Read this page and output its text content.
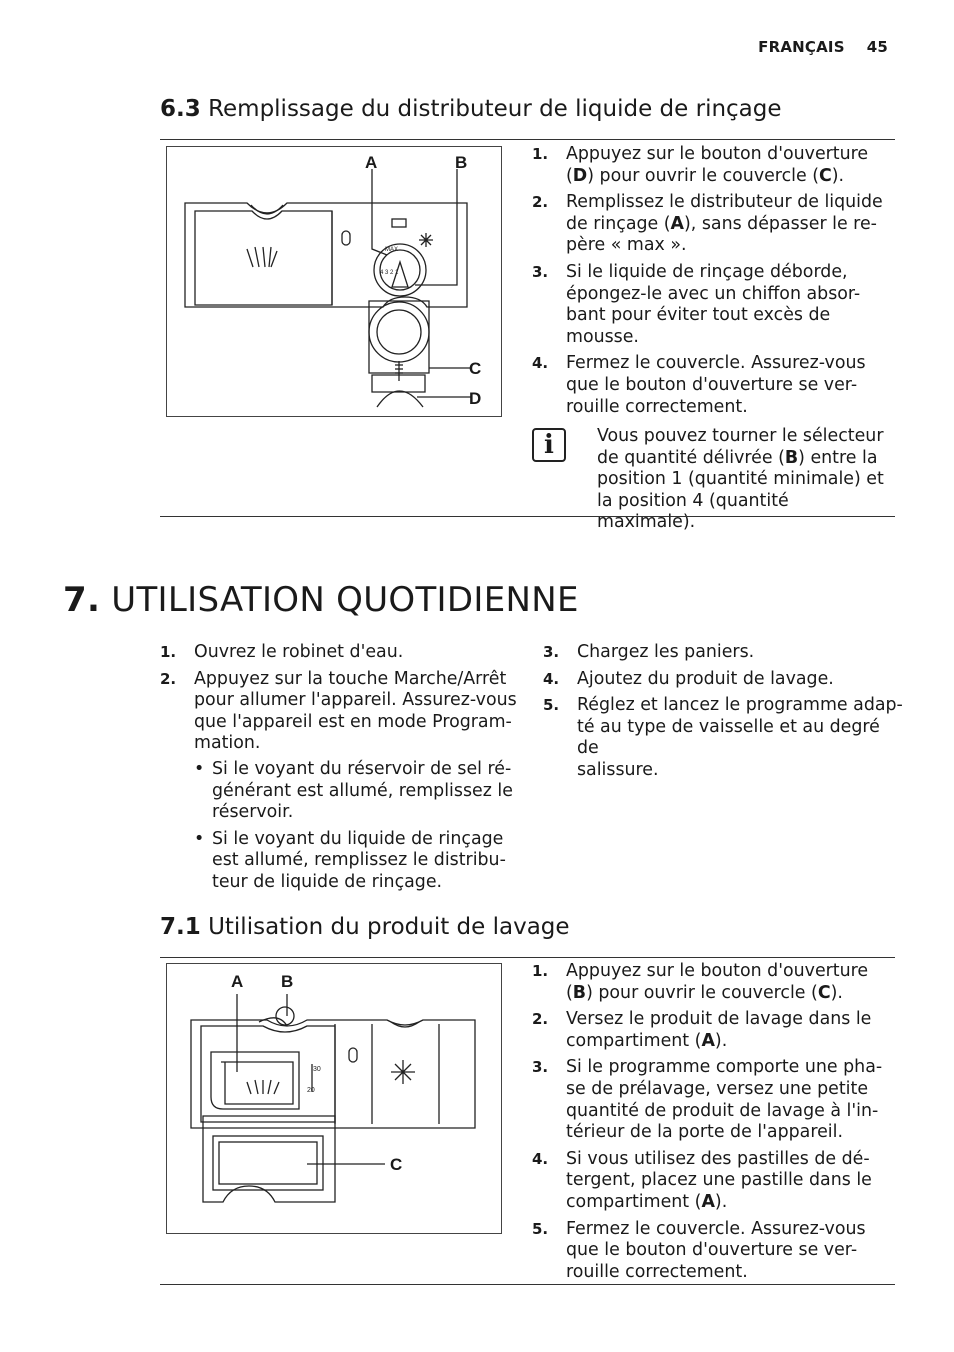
FRANÇAIS 45
6.3 Remplissage du distributeur de liquide de rinçage
MAX
4 3 2 1
A	B
C
D
1. Appuyez sur le bouton d'ouverture
(D) pour ouvrir le couvercle (C).
2. Remplissez le distributeur de liquide
de rinçage (A), sans dépasser le re-
père « max ».
3. Si le liquide de rinçage déborde,
épongez-le avec un chiffon absor-
bant pour éviter tout excès de
mousse.
4. Fermez le couvercle. Assurez-vous
que le bouton d'ouverture se ver-
rouille correctement.
i	Vous pouvez tourner le sélecteur
de quantité délivrée (B) entre la
position 1 (quantité minimale) et
la position 4 (quantité maximale).
7. UTILISATION QUOTIDIENNE
1. Ouvrez le robinet d'eau.
2. Appuyez sur la touche Marche/Arrêt
pour allumer l'appareil. Assurez-vous
que l'appareil est en mode Program-
mation.
• Si le voyant du réservoir de sel ré-
générant est allumé, remplissez le
réservoir.
• Si le voyant du liquide de rinçage
est allumé, remplissez le distribu-
teur de liquide de rinçage.
3. Chargez les paniers.
4. Ajoutez du produit de lavage.
5. Réglez et lancez le programme adap-
té au type de vaisselle et au degré de
salissure.
7.1 Utilisation du produit de lavage
30
20
A B
C
1. Appuyez sur le bouton d'ouverture
(B) pour ouvrir le couvercle (C).
2. Versez le produit de lavage dans le
compartiment (A).
3. Si le programme comporte une pha-
se de prélavage, versez une petite
quantité de produit de lavage à l'in-
térieur de la porte de l'appareil.
4. Si vous utilisez des pastilles de dé-
tergent, placez une pastille dans le
compartiment (A).
5. Fermez le couvercle. Assurez-vous
que le bouton d'ouverture se ver-
rouille correctement.
